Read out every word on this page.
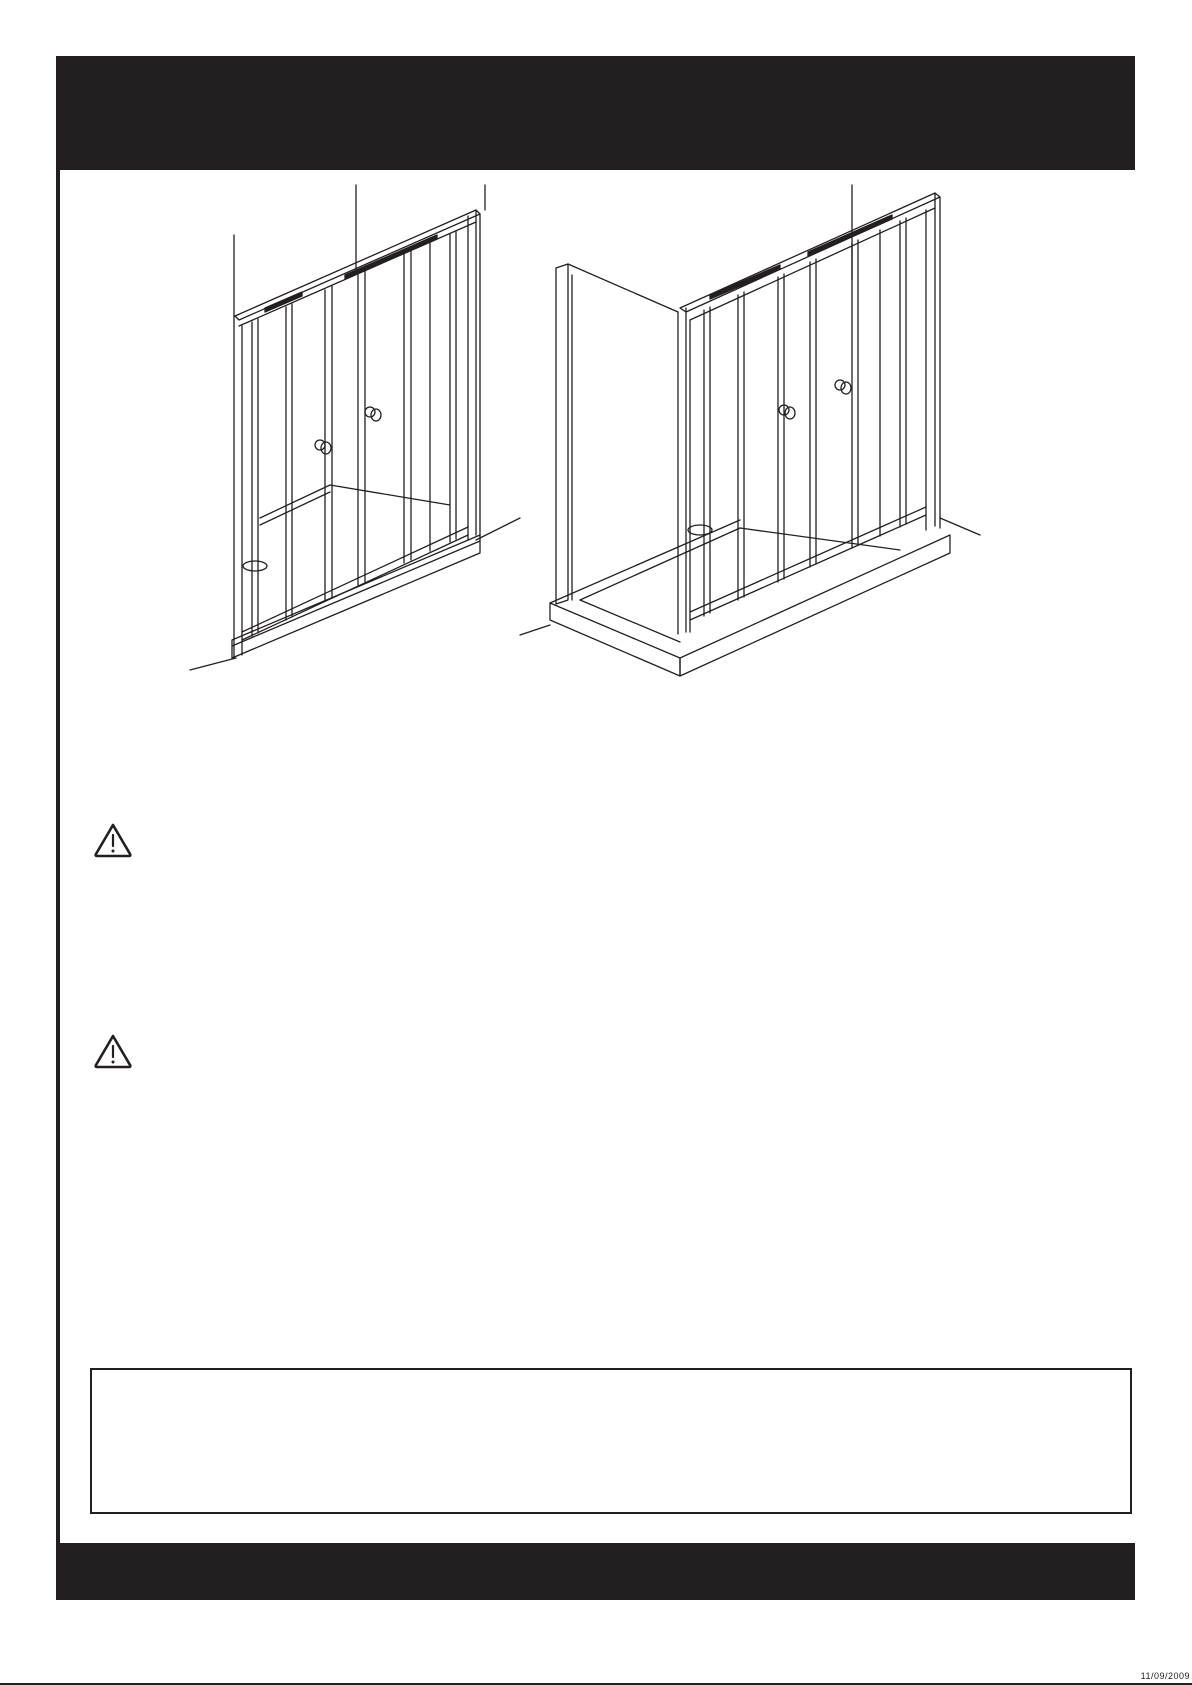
11/09/2009
